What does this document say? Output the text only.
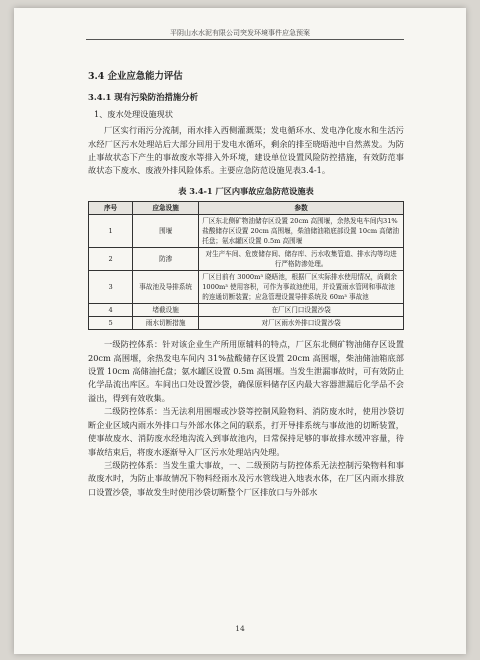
平阴山水水泥有限公司突发环境事件应急预案
3.4 企业应急能力评估
3.4.1 现有污染防治措施分析
1、废水处理设施现状

厂区实行雨污分流制，雨水排入西侧灌溉渠；发电循环水、发电净化废水和生活污水经厂区污水处理站后大部分回用于发电水循环，剩余的排至晓晤池中自然蒸发。为防止事故状态下产生的事故废水等排入外环境，建设单位设置风险防控措施，有效防范事故状态下废水、废液外排风险体系。主要应急防范设施见表3.4-1。

表 3.4-1 厂区内事故应急防范设施表
序号	应急设施	参数
1	围堰	厂区东北侧矿物油储存区设置 20cm 高围堰，余热发电车间内31%盐酸储存区设置 20cm 高围堰，柴油储油箱底部设置 10cm 高储油托盘；氨水罐区设置 0.5m 高围堰
2	防渗	对生产车间、危废储存间、储存库、污水收集管道、排水沟等均进行严格防渗处理。
3	事故池及导排系统	厂区目前有 3000m³ 晓晤池，根据厂区实际排水使用情况，尚剩余 1000m³ 使用容积，可作为事故池使用，并设置雨水管网和事故池的连通切断装置；应急管理设置导排系统及 60m³ 事故池
4	堵截设施	在厂区门口设置沙袋
5	雨水切断措施	对厂区雨水外排口设置沙袋

一级防控体系：针对该企业生产所用原辅料的特点，厂区东北侧矿物油储存区设置 20cm 高围堰，余热发电车间内 31%盐酸储存区设置 20cm 高围堰，柴油储油箱底部设置 10cm 高储油托盘；氨水罐区设置 0.5m 高围堰。当发生泄漏事故时，可有效防止化学品流出库区。车间出口处设置沙袋，确保原料储存区内最大容器泄漏后化学品不会溢出，得到有效收集。

二级防控体系：当无法利用围堰或沙袋等控制风险物料、消防废水时，使用沙袋切断企业区域内雨水外排口与外部水体之间的联系，打开导排系统与事故池的切断装置，使事故废水、消防废水经地沟流入到事故池内，日常保持足够的事故排水缓冲容量，待事故结束后，将废水逐渐导入厂区污水处理站内处理。

三级防控体系：当发生重大事故，一、二级预防与防控体系无法控制污染物料和事故废水时，为防止事故情况下物料经雨水及污水管线进入地表水体，在厂区内雨水排放口设置沙袋，事故发生时使用沙袋切断整个厂区排放口与外部水

14
